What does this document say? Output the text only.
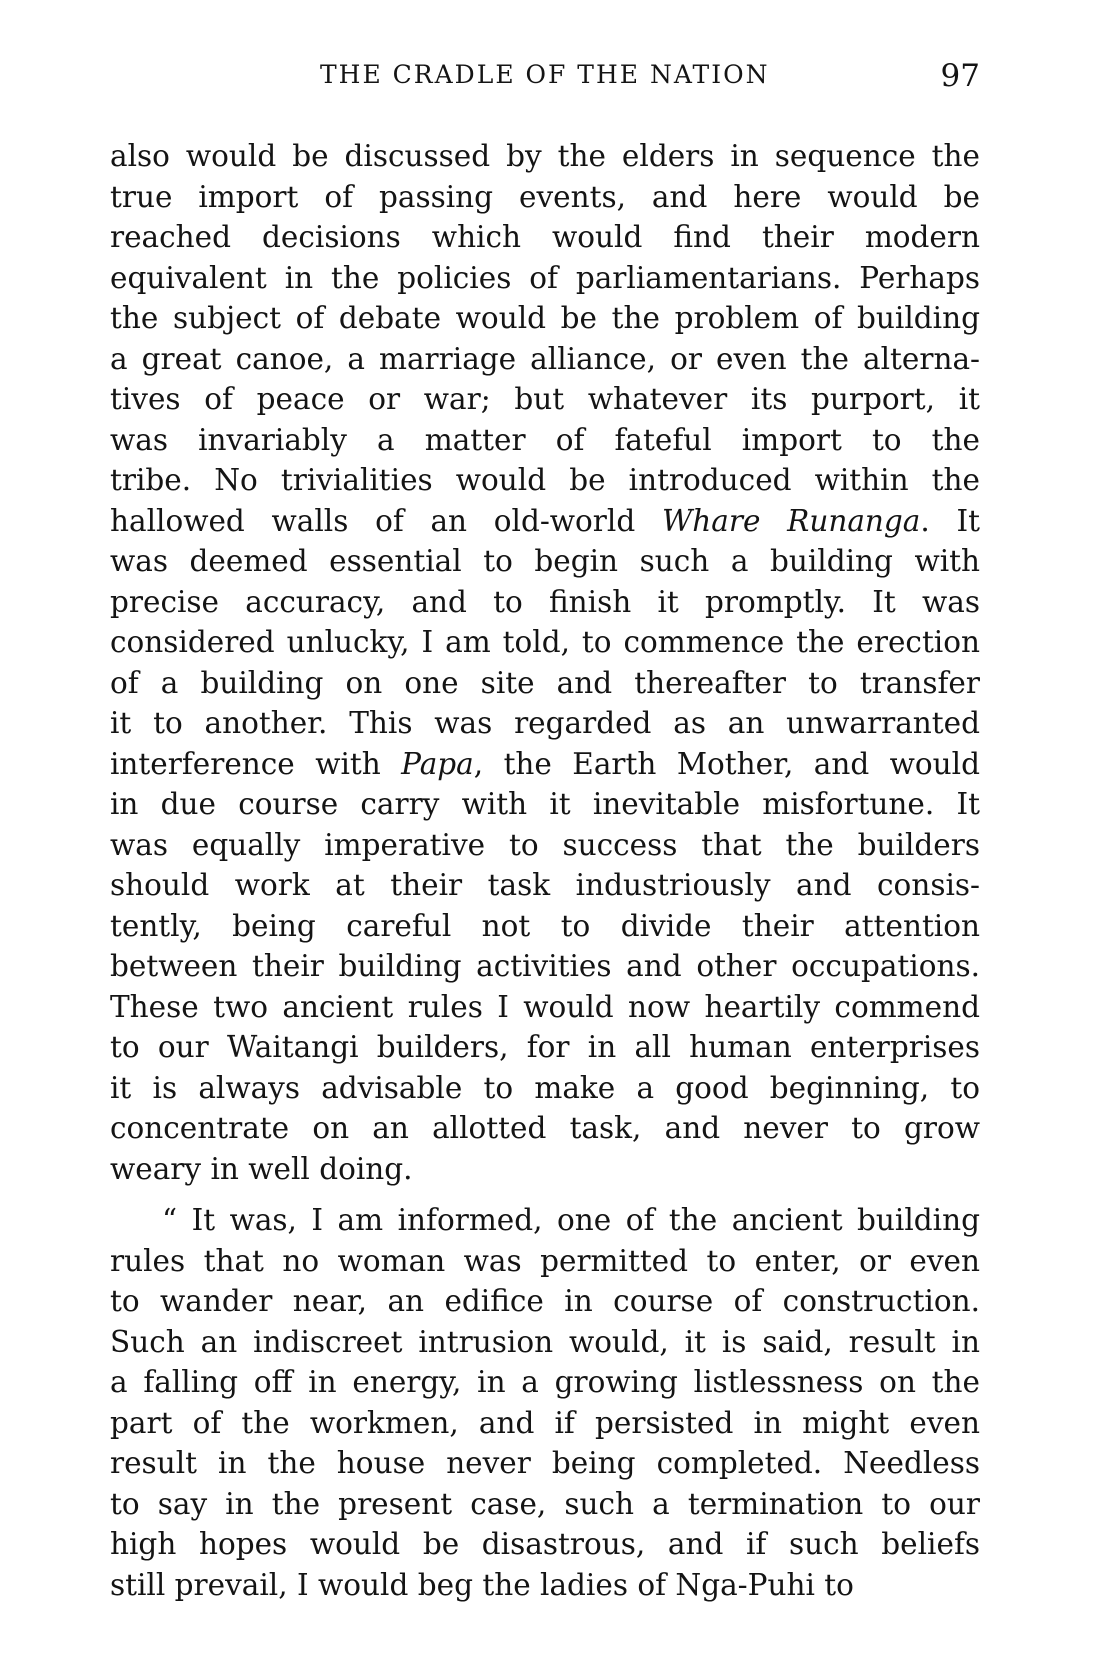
THE CRADLE OF THE NATION	97
also would be discussed by the elders in sequence the
true import of passing events, and here would be
reached decisions which would find their modern
equivalent in the policies of parliamentarians. Perhaps
the subject of debate would be the problem of building
a great canoe, a marriage alliance, or even the alterna-
tives of peace or war; but whatever its purport, it
was invariably a matter of fateful import to the
tribe. No trivialities would be introduced within the
hallowed walls of an old-world Whare Runanga. It
was deemed essential to begin such a building with
precise accuracy, and to finish it promptly. It was
considered unlucky, I am told, to commence the erection
of a building on one site and thereafter to transfer
it to another. This was regarded as an unwarranted
interference with Papa, the Earth Mother, and would
in due course carry with it inevitable misfortune. It
was equally imperative to success that the builders
should work at their task industriously and consis-
tently, being careful not to divide their attention
between their building activities and other occupations.
These two ancient rules I would now heartily commend
to our Waitangi builders, for in all human enterprises
it is always advisable to make a good beginning, to
concentrate on an allotted task, and never to grow
weary in well doing.
“ It was, I am informed, one of the ancient building
rules that no woman was permitted to enter, or even
to wander near, an edifice in course of construction.
Such an indiscreet intrusion would, it is said, result in
a falling off in energy, in a growing listlessness on the
part of the workmen, and if persisted in might even
result in the house never being completed. Needless
to say in the present case, such a termination to our
high hopes would be disastrous, and if such beliefs
still prevail, I would beg the ladies of Nga-Puhi to
